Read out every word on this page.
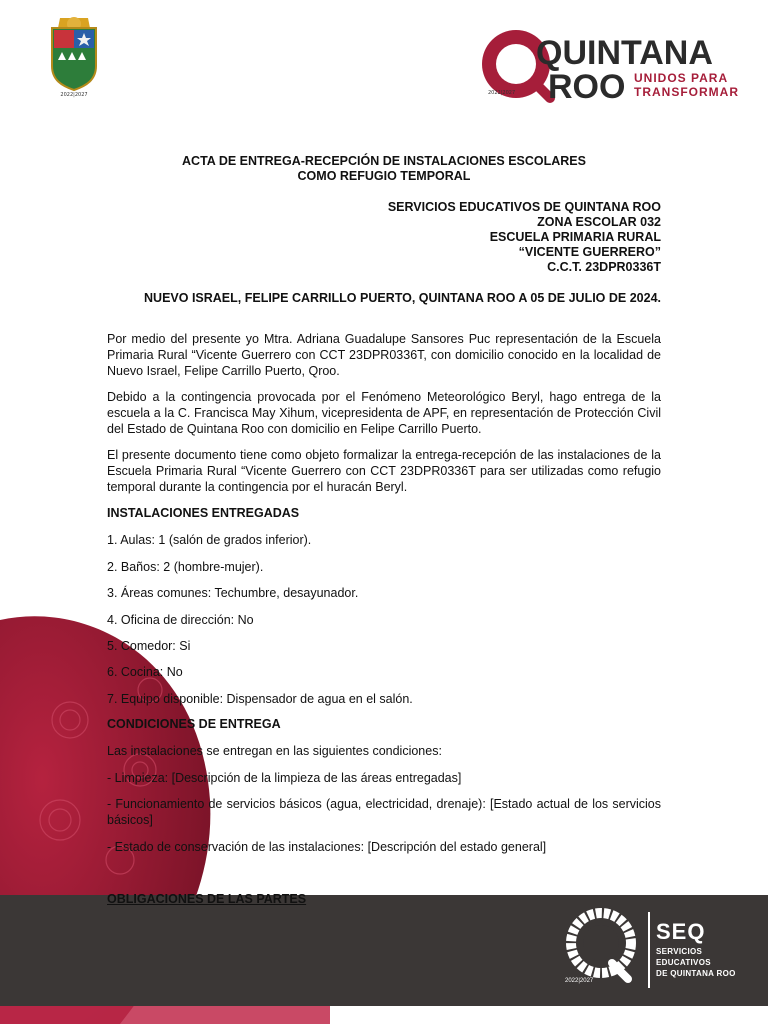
2022|2027
SEQ
SERVICIOS
EDUCATIVOS
DE QUINTANA ROO
2022|2027
QUINTANA
ROO UNIDOS PARA
TRANSFORMAR
2022|2027
ACTA DE ENTREGA-RECEPCIÓN DE INSTALACIONES ESCOLARES
COMO REFUGIO TEMPORAL
SERVICIOS EDUCATIVOS DE QUINTANA ROO
ZONA ESCOLAR 032
ESCUELA PRIMARIA RURAL
“VICENTE GUERRERO”
C.C.T. 23DPR0336T
NUEVO ISRAEL, FELIPE CARRILLO PUERTO, QUINTANA ROO A 05 DE JULIO DE 2024.
Por medio del presente yo Mtra. Adriana Guadalupe Sansores Puc representación de la Escuela Primaria Rural “Vicente Guerrero con CCT 23DPR0336T, con domicilio conocido en la localidad de Nuevo Israel, Felipe Carrillo Puerto, Qroo.
Debido a la contingencia provocada por el Fenómeno Meteorológico Beryl, hago entrega de la escuela a la C. Francisca May Xihum, vicepresidenta de APF, en representación de Protección Civil del Estado de Quintana Roo con domicilio en Felipe Carrillo Puerto.
El presente documento tiene como objeto formalizar la entrega-recepción de las instalaciones de la Escuela Primaria Rural “Vicente Guerrero con CCT 23DPR0336T para ser utilizadas como refugio temporal durante la contingencia por el huracán Beryl.
INSTALACIONES ENTREGADAS
1. Aulas: 1 (salón de grados inferior).
2. Baños: 2 (hombre-mujer).
3. Áreas comunes: Techumbre, desayunador.
4. Oficina de dirección: No
5. Comedor: Si
6. Cocina: No
7. Equipo disponible: Dispensador de agua en el salón.
CONDICIONES DE ENTREGA
Las instalaciones se entregan en las siguientes condiciones:
- Limpieza: [Descripción de la limpieza de las áreas entregadas]
- Funcionamiento de servicios básicos (agua, electricidad, drenaje): [Estado actual de los servicios básicos]
- Estado de conservación de las instalaciones: [Descripción del estado general]
OBLIGACIONES DE LAS PARTES
